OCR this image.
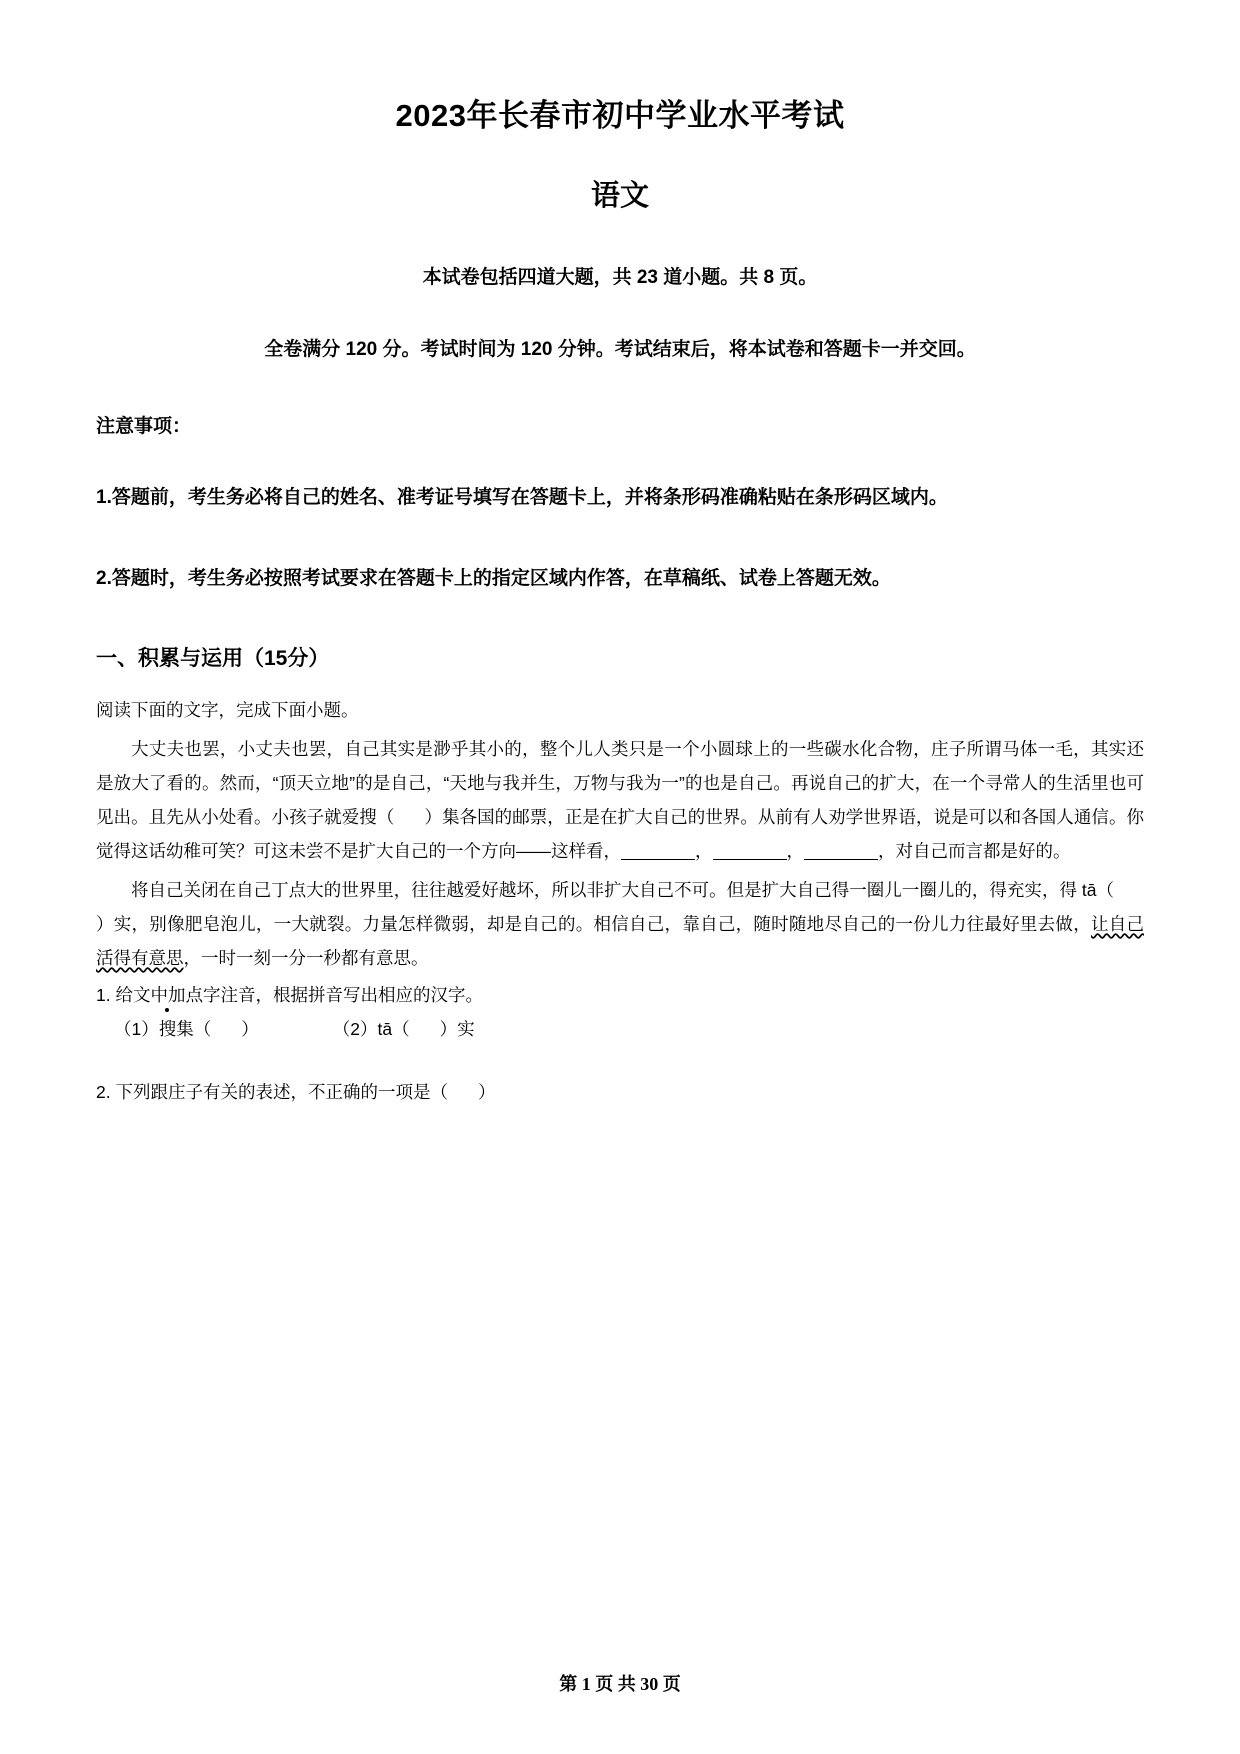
2023年长春市初中学业水平考试
语文

本试卷包括四道大题，共 23 道小题。共 8 页。

全卷满分 120 分。考试时间为 120 分钟。考试结束后，将本试卷和答题卡一并交回。

注意事项：

1.答题前，考生务必将自己的姓名、准考证号填写在答题卡上，并将条形码准确粘贴在条形码区域内。

2.答题时，考生务必按照考试要求在答题卡上的指定区域内作答，在草稿纸、试卷上答题无效。

一、积累与运用（15分）

阅读下面的文字，完成下面小题。

大丈夫也罢，小丈夫也罢，自己其实是渺乎其小的，整个儿人类只是一个小圆球上的一些碳水化合物，庄子所谓马体一毛，其实还是放大了看的。然而，“顶天立地”的是自己，“天地与我并生，万物与我为一”的也是自己。再说自己的扩大，在一个寻常人的生活里也可见出。且先从小处看。小孩子就爱搜（ ）集各国的邮票，正是在扩大自己的世界。从前有人劝学世界语，说是可以和各国人通信。你觉得这话幼稚可笑？可这未尝不是扩大自己的一个方向——这样看，	，	，	，对自己而言都是好的。

将自己关闭在自己丁点大的世界里，往往越爱好越坏，所以非扩大自己不可。但是扩大自己得一圈儿一圈儿的，得充实，得 tā（）实，别像肥皂泡儿，一大就裂。力量怎样微弱，却是自己的。相信自己，靠自己，随时随地尽自己的一份儿力往最好里去做，让自己活得有意思，一时一刻一分一秒都有意思。

1. 给文中加点字注音，根据拼音写出相应的汉字。

（1）搜集（ ）	（2）tā（ ）实

2. 下列跟庄子有关的表述，不正确的一项是（ ）

第 1 页 共 30 页
